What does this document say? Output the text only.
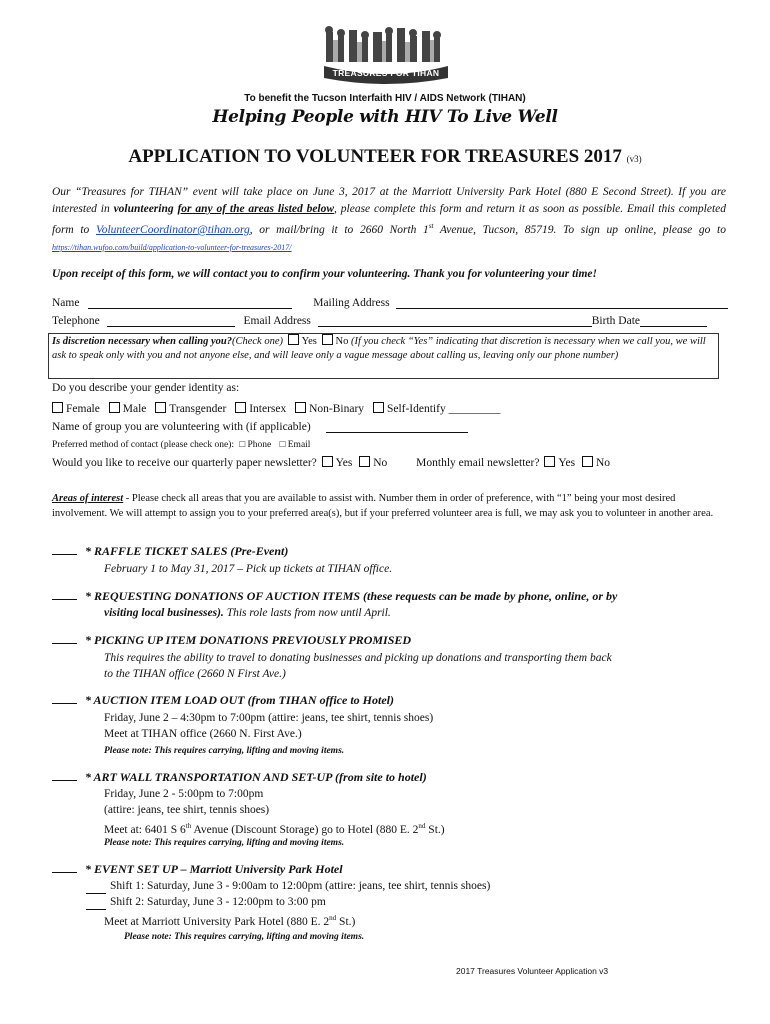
TREASURES FOR TIHAN
To benefit the Tucson Interfaith HIV / AIDS Network (TIHAN)
Helping People with HIV To Live Well
APPLICATION TO VOLUNTEER FOR TREASURES 2017 (v3)
Our “Treasures for TIHAN” event will take place on June 3, 2017 at the Marriott University Park Hotel (880 E Second Street). If you are interested in volunteering for any of the areas listed below, please complete this form and return it as soon as possible. Email this completed form to VolunteerCoordinator@tihan.org, or mail/bring it to 2660 North 1st Avenue, Tucson, 85719. To sign up online, please go to https://tihan.wufoo.com/build/application-to-volunteer-for-treasures-2017/
Upon receipt of this form, we will contact you to confirm your volunteering. Thank you for volunteering your time!
Name	Mailing Address
Telephone	Email Address	Birth Date
Is discretion necessary when calling you?(Check one) Yes No (If you check “Yes” indicating that discretion is necessary when we call you, we will ask to speak only with you and not anyone else, and will leave only a vague message about calling us, leaving only our phone number)
Do you describe your gender identity as:
Female Male Transgender Intersex Non-Binary Self-Identify _________
Name of group you are volunteering with (if applicable)
Preferred method of contact (please check one): □ Phone □ Email
Would you like to receive our quarterly paper newsletter? Yes No	Monthly email newsletter? Yes No
Areas of interest - Please check all areas that you are available to assist with. Number them in order of preference, with “1” being your most desired involvement. We will attempt to assign you to your preferred area(s), but if your preferred volunteer area is full, we may ask you to volunteer in another area.
* RAFFLE TICKET SALES (Pre-Event)
February 1 to May 31, 2017 – Pick up tickets at TIHAN office.
* REQUESTING DONATIONS OF AUCTION ITEMS (these requests can be made by phone, online, or by
visiting local businesses). This role lasts from now until April.
* PICKING UP ITEM DONATIONS PREVIOUSLY PROMISED
This requires the ability to travel to donating businesses and picking up donations and transporting them back
to the TIHAN office (2660 N First Ave.)
* AUCTION ITEM LOAD OUT (from TIHAN office to Hotel)
Friday, June 2 – 4:30pm to 7:00pm (attire: jeans, tee shirt, tennis shoes)
Meet at TIHAN office (2660 N. First Ave.)
Please note: This requires carrying, lifting and moving items.
* ART WALL TRANSPORTATION AND SET-UP (from site to hotel)
Friday, June 2 - 5:00pm to 7:00pm
(attire: jeans, tee shirt, tennis shoes)
Meet at: 6401 S 6th Avenue (Discount Storage) go to Hotel (880 E. 2nd St.)
Please note: This requires carrying, lifting and moving items.
* EVENT SET UP – Marriott University Park Hotel
Shift 1: Saturday, June 3 - 9:00am to 12:00pm (attire: jeans, tee shirt, tennis shoes)
Shift 2: Saturday, June 3 - 12:00pm to 3:00 pm
Meet at Marriott University Park Hotel (880 E. 2nd St.)
Please note: This requires carrying, lifting and moving items.
2017 Treasures Volunteer Application v3
